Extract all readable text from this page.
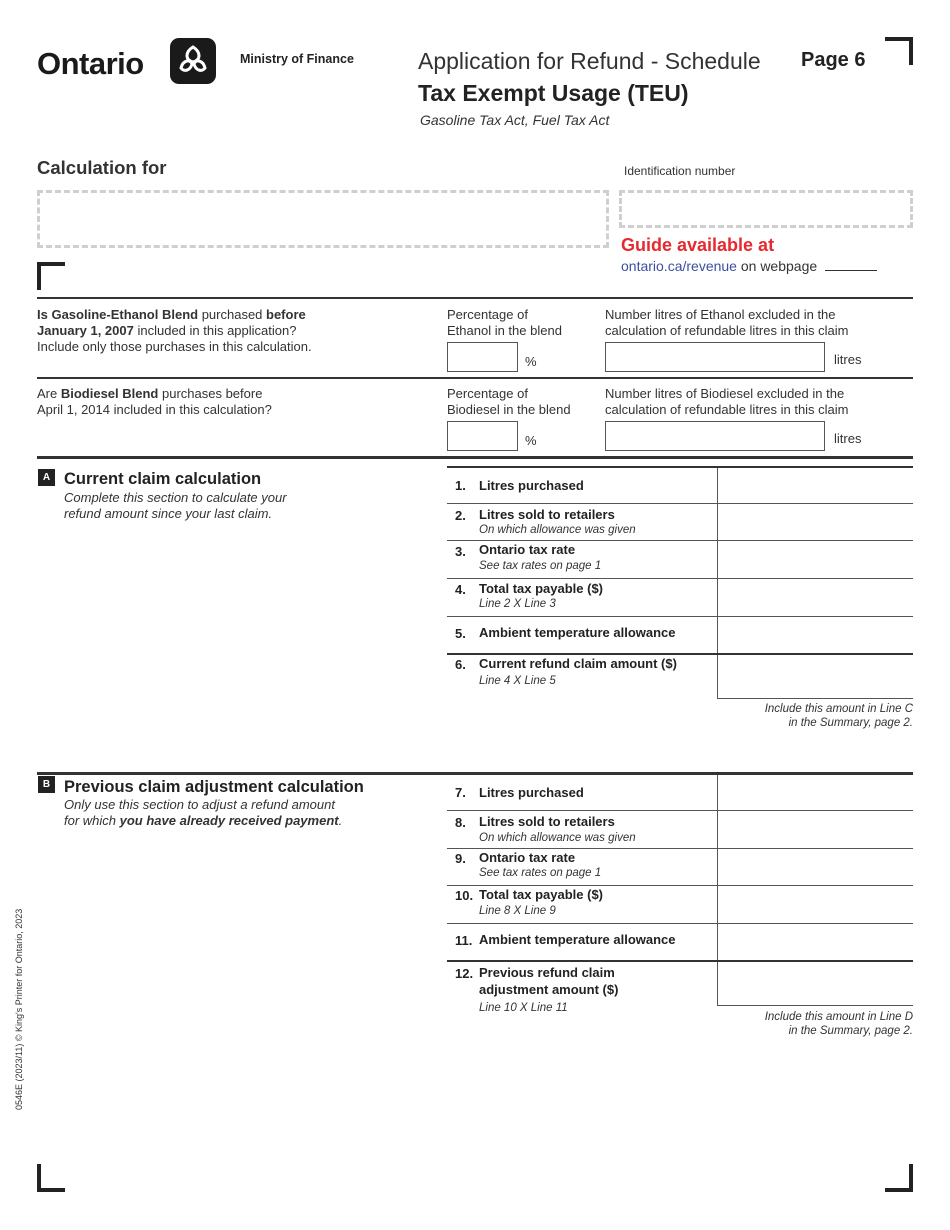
Ontario	Ministry of Finance	Application for Refund - Schedule Page 6
Tax Exempt Usage (TEU)
Gasoline Tax Act, Fuel Tax Act
Calculation for	Identification number
Guide available at
ontario.ca/revenue on webpage
Is Gasoline-Ethanol Blend purchased before
January 1, 2007 included in this application?
Include only those purchases in this calculation.
Percentage of
Ethanol in the blend
%
Number litres of Ethanol excluded in the
calculation of refundable litres in this claim
litres
Are Biodiesel Blend purchases before
April 1, 2014 included in this calculation?
Percentage of
Biodiesel in the blend
%
Number litres of Biodiesel excluded in the
calculation of refundable litres in this claim
litres
A Current claim calculation
Complete this section to calculate your
refund amount since your last claim.
1. Litres purchased
2. Litres sold to retailers
On which allowance was given
3. Ontario tax rate
See tax rates on page 1
4. Total tax payable ($)
Line 2 X Line 3
5. Ambient temperature allowance
6. Current refund claim amount ($)
Line 4 X Line 5
Include this amount in Line C
in the Summary, page 2.
B Previous claim adjustment calculation
Only use this section to adjust a refund amount
for which you have already received payment.
7. Litres purchased
8. Litres sold to retailers
On which allowance was given
9. Ontario tax rate
See tax rates on page 1
10. Total tax payable ($)
Line 8 X Line 9
11. Ambient temperature allowance
12. Previous refund claim
adjustment amount ($)
Line 10 X Line 11
Include this amount in Line D
in the Summary, page 2.
0546E (2023/11) © King's Printer for Ontario, 2023
